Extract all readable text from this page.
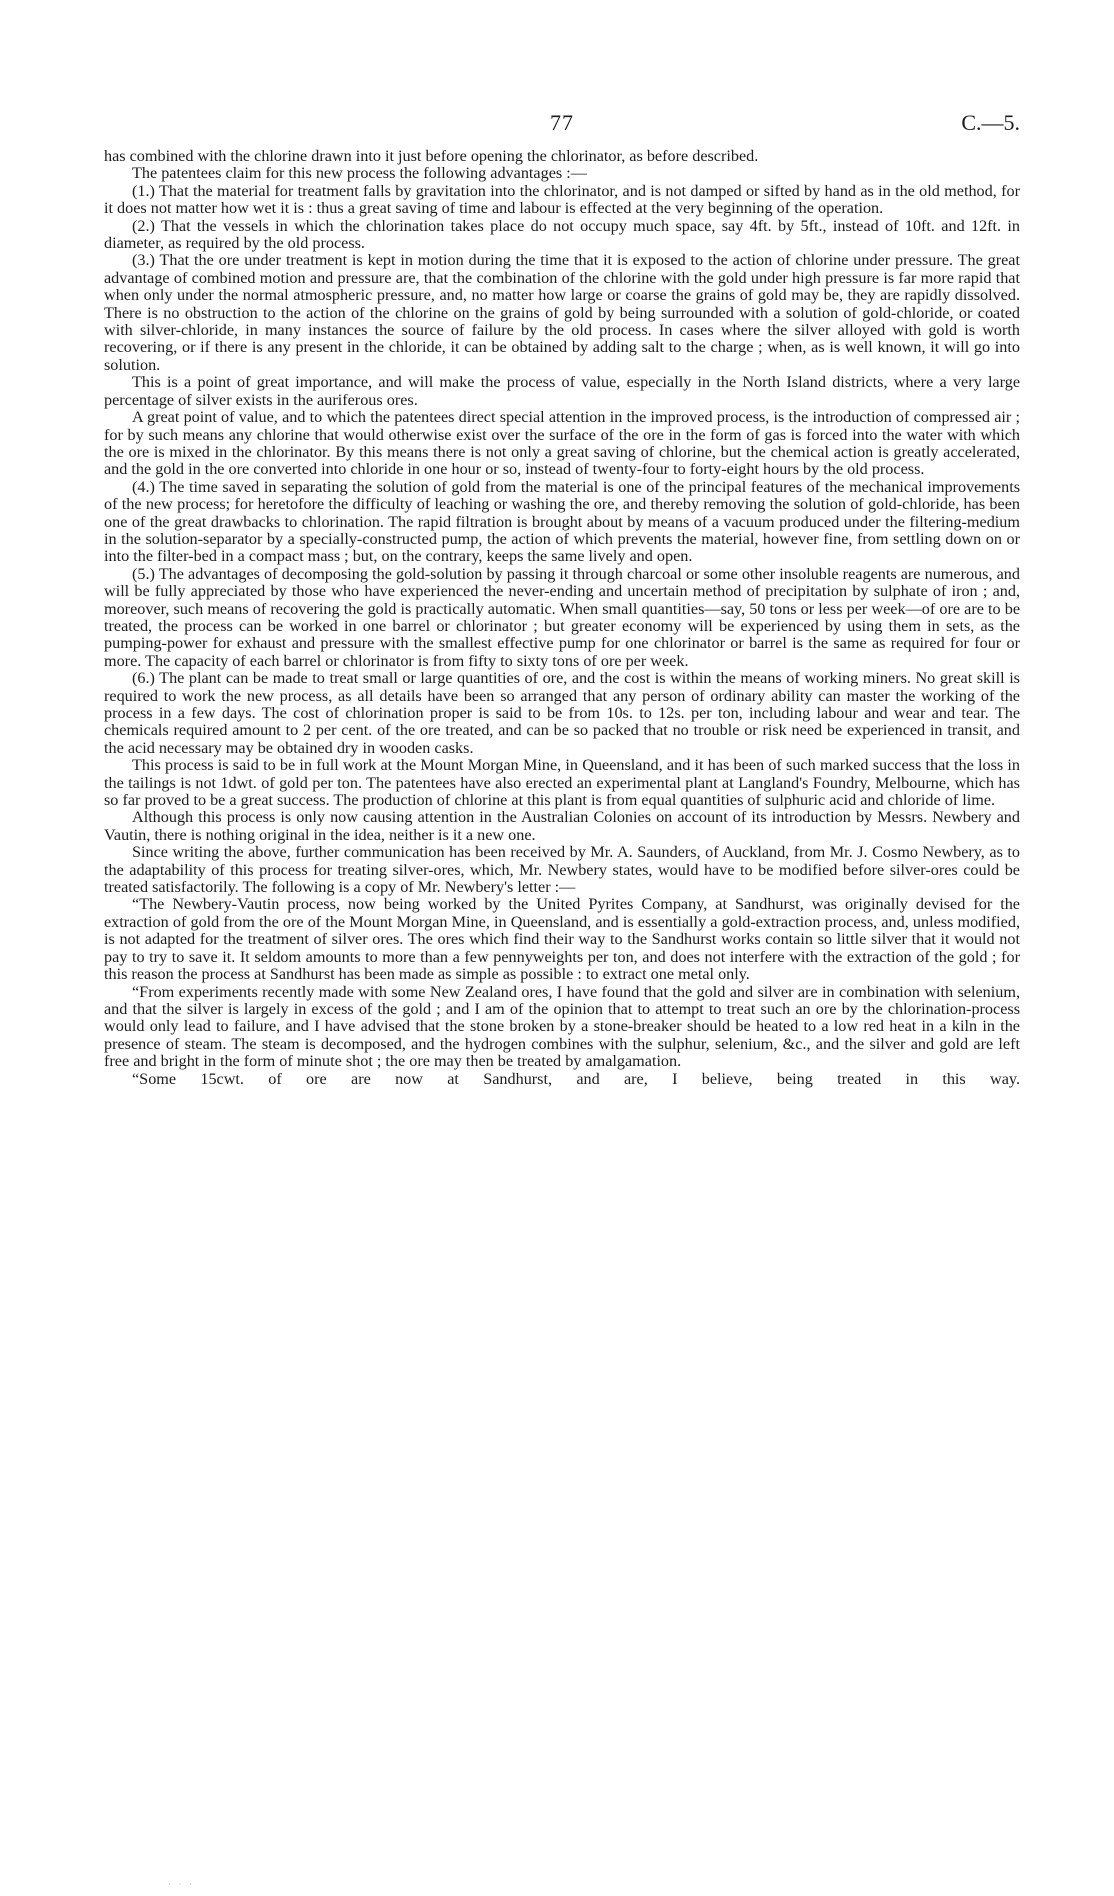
77	C.—5.

has combined with the chlorine drawn into it just before opening the chlorinator, as before described.

The patentees claim for this new process the following advantages :—

(1.) That the material for treatment falls by gravitation into the chlorinator, and is not damped or sifted by hand as in the old method, for it does not matter how wet it is : thus a great saving of time and labour is effected at the very beginning of the operation.

(2.) That the vessels in which the chlorination takes place do not occupy much space, say 4ft. by 5ft., instead of 10ft. and 12ft. in diameter, as required by the old process.

(3.) That the ore under treatment is kept in motion during the time that it is exposed to the action of chlorine under pressure. The great advantage of combined motion and pressure are, that the combination of the chlorine with the gold under high pressure is far more rapid that when only under the normal atmospheric pressure, and, no matter how large or coarse the grains of gold may be, they are rapidly dissolved. There is no obstruction to the action of the chlorine on the grains of gold by being surrounded with a solution of gold-chloride, or coated with silver-chloride, in many instances the source of failure by the old process. In cases where the silver alloyed with gold is worth recovering, or if there is any present in the chloride, it can be obtained by adding salt to the charge ; when, as is well known, it will go into solution.

This is a point of great importance, and will make the process of value, especially in the North Island districts, where a very large percentage of silver exists in the auriferous ores.

A great point of value, and to which the patentees direct special attention in the improved process, is the introduction of compressed air ; for by such means any chlorine that would otherwise exist over the surface of the ore in the form of gas is forced into the water with which the ore is mixed in the chlorinator. By this means there is not only a great saving of chlorine, but the chemical action is greatly accelerated, and the gold in the ore converted into chloride in one hour or so, instead of twenty-four to forty-eight hours by the old process.

(4.) The time saved in separating the solution of gold from the material is one of the principal features of the mechanical improvements of the new process; for heretofore the difficulty of leaching or washing the ore, and thereby removing the solution of gold-chloride, has been one of the great drawbacks to chlorination. The rapid filtration is brought about by means of a vacuum produced under the filtering-medium in the solution-separator by a specially-constructed pump, the action of which prevents the material, however fine, from settling down on or into the filter-bed in a compact mass ; but, on the contrary, keeps the same lively and open.

(5.) The advantages of decomposing the gold-solution by passing it through charcoal or some other insoluble reagents are numerous, and will be fully appreciated by those who have experienced the never-ending and uncertain method of precipitation by sulphate of iron ; and, moreover, such means of recovering the gold is practically automatic. When small quantities—say, 50 tons or less per week—of ore are to be treated, the process can be worked in one barrel or chlorinator ; but greater economy will be experienced by using them in sets, as the pumping-power for exhaust and pressure with the smallest effective pump for one chlorinator or barrel is the same as required for four or more. The capacity of each barrel or chlorinator is from fifty to sixty tons of ore per week.

(6.) The plant can be made to treat small or large quantities of ore, and the cost is within the means of working miners. No great skill is required to work the new process, as all details have been so arranged that any person of ordinary ability can master the working of the process in a few days. The cost of chlorination proper is said to be from 10s. to 12s. per ton, including labour and wear and tear. The chemicals required amount to 2 per cent. of the ore treated, and can be so packed that no trouble or risk need be experienced in transit, and the acid necessary may be obtained dry in wooden casks.

This process is said to be in full work at the Mount Morgan Mine, in Queensland, and it has been of such marked success that the loss in the tailings is not 1dwt. of gold per ton. The patentees have also erected an experimental plant at Langland's Foundry, Melbourne, which has so far proved to be a great success. The production of chlorine at this plant is from equal quantities of sulphuric acid and chloride of lime.

Although this process is only now causing attention in the Australian Colonies on account of its introduction by Messrs. Newbery and Vautin, there is nothing original in the idea, neither is it a new one.

Since writing the above, further communication has been received by Mr. A. Saunders, of Auckland, from Mr. J. Cosmo Newbery, as to the adaptability of this process for treating silver-ores, which, Mr. Newbery states, would have to be modified before silver-ores could be treated satisfactorily. The following is a copy of Mr. Newbery's letter :—

“The Newbery-Vautin process, now being worked by the United Pyrites Company, at Sandhurst, was originally devised for the extraction of gold from the ore of the Mount Morgan Mine, in Queensland, and is essentially a gold-extraction process, and, unless modified, is not adapted for the treatment of silver ores. The ores which find their way to the Sandhurst works contain so little silver that it would not pay to try to save it. It seldom amounts to more than a few pennyweights per ton, and does not interfere with the extraction of the gold ; for this reason the process at Sandhurst has been made as simple as possible : to extract one metal only.

“From experiments recently made with some New Zealand ores, I have found that the gold and silver are in combination with selenium, and that the silver is largely in excess of the gold ; and I am of the opinion that to attempt to treat such an ore by the chlorination-process would only lead to failure, and I have advised that the stone broken by a stone-breaker should be heated to a low red heat in a kiln in the presence of steam. The steam is decomposed, and the hydrogen combines with the sulphur, selenium, &c., and the silver and gold are left free and bright in the form of minute shot ; the ore may then be treated by amalgamation.

“Some 15cwt. of ore are now at Sandhurst, and are, I believe, being treated in this way.

· · ·
